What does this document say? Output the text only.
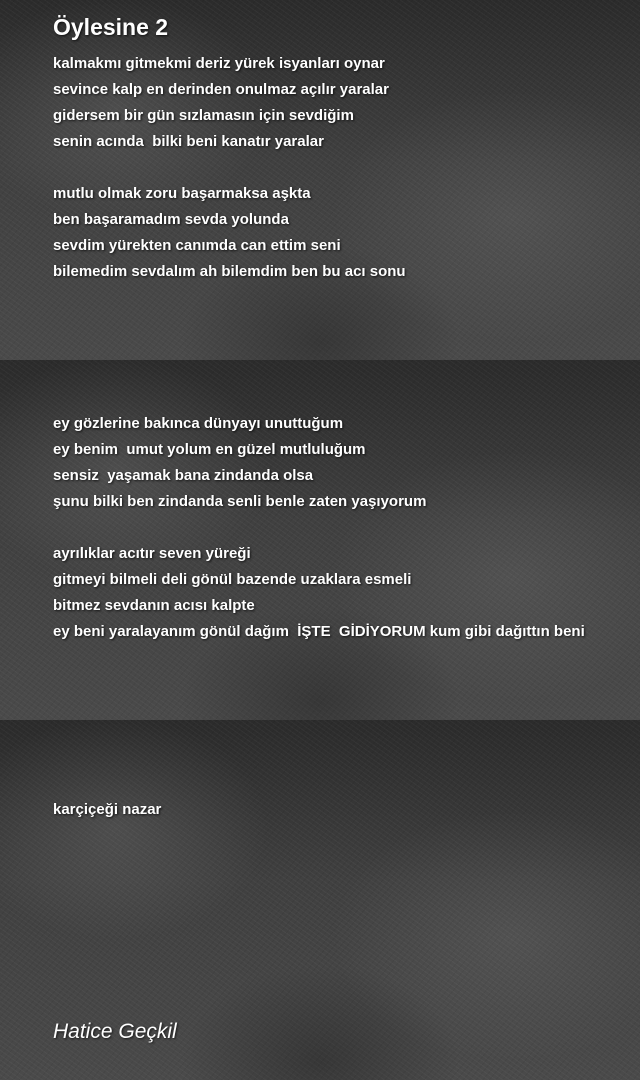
Öylesine 2
kalmakmı gitmekmi deriz yürek isyanları oynar
sevince kalp en derinden onulmaz açılır yaralar
gidersem bir gün sızlamasın için sevdiğim
senin acında  bilki beni kanatır yaralar
mutlu olmak zoru başarmaksa aşkta
ben başaramadım sevda yolunda
sevdim yürekten canımda can ettim seni
bilemedim sevdalım ah bilemdim ben bu acı sonu
ey gözlerine bakınca dünyayı unuttuğum
ey benim  umut yolum en güzel mutluluğum
sensiz  yaşamak bana zindanda olsa
şunu bilki ben zindanda senli benle zaten yaşıyorum
ayrılıklar acıtır seven yüreği
gitmeyi bilmeli deli gönül bazende uzaklara esmeli
bitmez sevdanın acısı kalpte
ey beni yaralayanım gönül dağım  İŞTE  GİDİYORUM kum gibi dağıttın beni
karçiçeği nazar
Hatice Geçkil
